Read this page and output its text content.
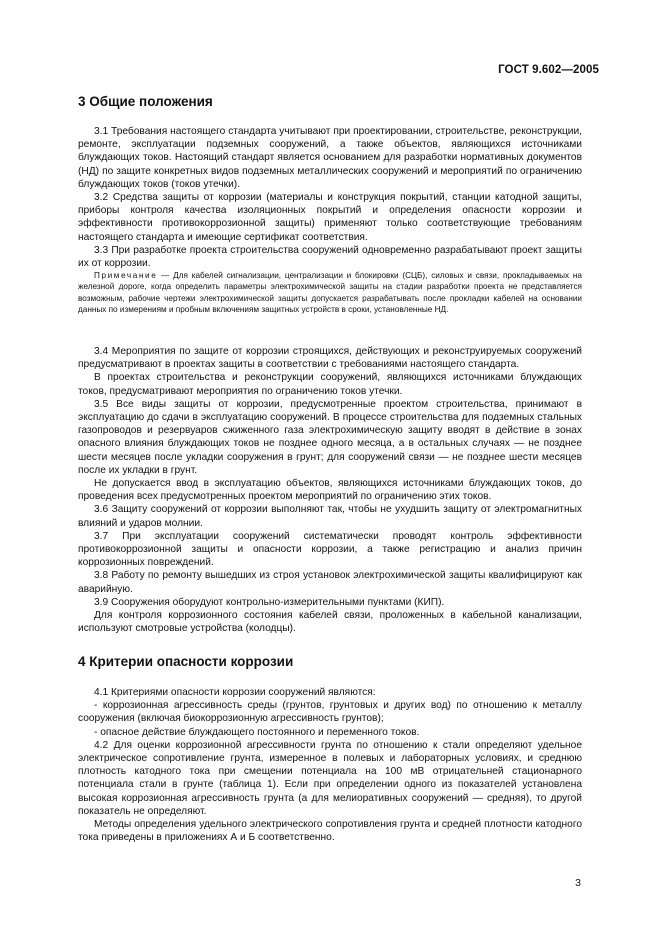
ГОСТ 9.602—2005
3 Общие положения

3.1 Требования настоящего стандарта учитывают при проектировании, строительстве, реконструкции, ремонте, эксплуатации подземных сооружений, а также объектов, являющихся источниками блуждающих токов. Настоящий стандарт является основанием для разработки нормативных документов (НД) по защите конкретных видов подземных металлических сооружений и мероприятий по ограничению блуждающих токов (токов утечки).

3.2 Средства защиты от коррозии (материалы и конструкция покрытий, станции катодной защиты, приборы контроля качества изоляционных покрытий и определения опасности коррозии и эффективности противокоррозионной защиты) применяют только соответствующие требованиям настоящего стандарта и имеющие сертификат соответствия.

3.3 При разработке проекта строительства сооружений одновременно разрабатывают проект защиты их от коррозии.

Примечание — Для кабелей сигнализации, централизации и блокировки (СЦБ), силовых и связи, прокладываемых на железной дороге, когда определить параметры электрохимической защиты на стадии разработки проекта не представляется возможным, рабочие чертежи электрохимической защиты допускается разрабатывать после прокладки кабелей на основании данных по измерениям и пробным включениям защитных устройств в сроки, установленные НД.

3.4 Мероприятия по защите от коррозии строящихся, действующих и реконструируемых сооружений предусматривают в проектах защиты в соответствии с требованиями настоящего стандарта.

В проектах строительства и реконструкции сооружений, являющихся источниками блуждающих токов, предусматривают мероприятия по ограничению токов утечки.

3.5 Все виды защиты от коррозии, предусмотренные проектом строительства, принимают в эксплуатацию до сдачи в эксплуатацию сооружений. В процессе строительства для подземных стальных газопроводов и резервуаров сжиженного газа электрохимическую защиту вводят в действие в зонах опасного влияния блуждающих токов не позднее одного месяца, а в остальных случаях — не позднее шести месяцев после укладки сооружения в грунт; для сооружений связи — не позднее шести месяцев после их укладки в грунт.

Не допускается ввод в эксплуатацию объектов, являющихся источниками блуждающих токов, до проведения всех предусмотренных проектом мероприятий по ограничению этих токов.

3.6 Защиту сооружений от коррозии выполняют так, чтобы не ухудшить защиту от электромагнитных влияний и ударов молнии.

3.7 При эксплуатации сооружений систематически проводят контроль эффективности противокоррозионной защиты и опасности коррозии, а также регистрацию и анализ причин коррозионных повреждений.

3.8 Работу по ремонту вышедших из строя установок электрохимической защиты квалифицируют как аварийную.

3.9 Сооружения оборудуют контрольно-измерительными пунктами (КИП).

Для контроля коррозионного состояния кабелей связи, проложенных в кабельной канализации, используют смотровые устройства (колодцы).

4 Критерии опасности коррозии

4.1 Критериями опасности коррозии сооружений являются:

- коррозионная агрессивность среды (грунтов, грунтовых и других вод) по отношению к металлу сооружения (включая биокоррозионную агрессивность грунтов);

- опасное действие блуждающего постоянного и переменного токов.

4.2 Для оценки коррозионной агрессивности грунта по отношению к стали определяют удельное электрическое сопротивление грунта, измеренное в полевых и лабораторных условиях, и среднюю плотность катодного тока при смещении потенциала на 100 мВ отрицательней стационарного потенциала стали в грунте (таблица 1). Если при определении одного из показателей установлена высокая коррозионная агрессивность грунта (а для мелиоративных сооружений — средняя), то другой показатель не определяют.

Методы определения удельного электрического сопротивления грунта и средней плотности катодного тока приведены в приложениях А и Б соответственно.

3
